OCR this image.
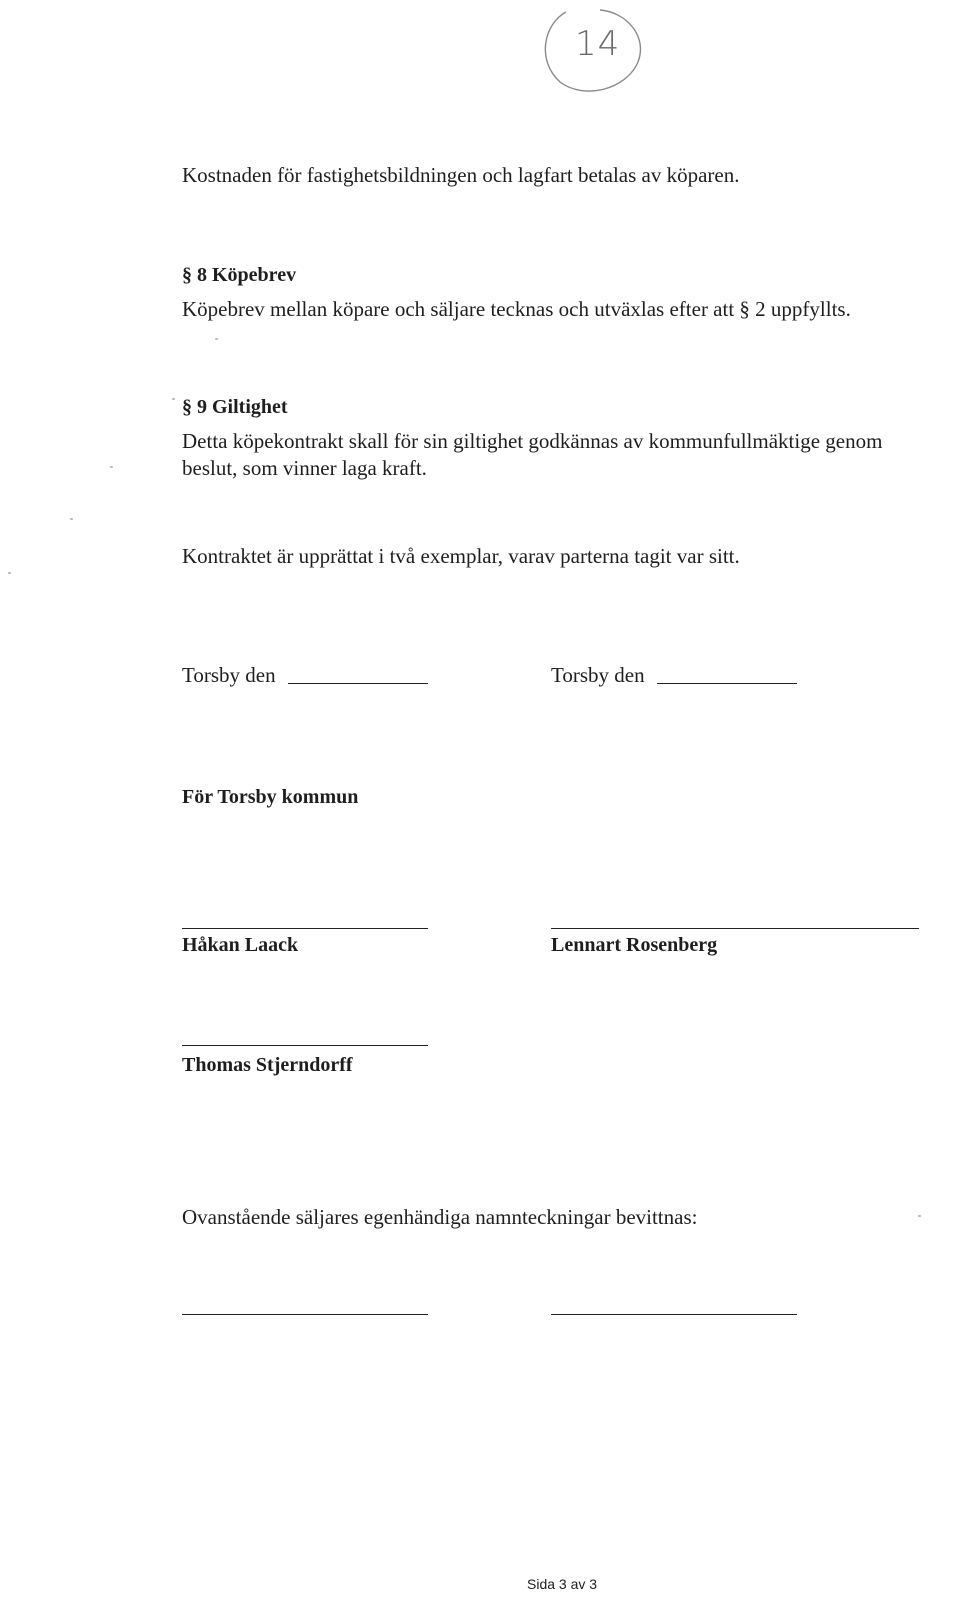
14
Kostnaden för fastighetsbildningen och lagfart betalas av köparen.
§ 8 Köpebrev
Köpebrev mellan köpare och säljare tecknas och utväxlas efter att § 2 uppfyllts.
§ 9 Giltighet
Detta köpekontrakt skall för sin giltighet godkännas av kommunfullmäktige genom
beslut, som vinner laga kraft.
Kontraktet är upprättat i två exemplar, varav parterna tagit var sitt.
Torsby den	Torsby den
För Torsby kommun
Håkan Laack	Lennart Rosenberg
Thomas Stjerndorff
Ovanstående säljares egenhändiga namnteckningar bevittnas:
Sida 3 av 3
